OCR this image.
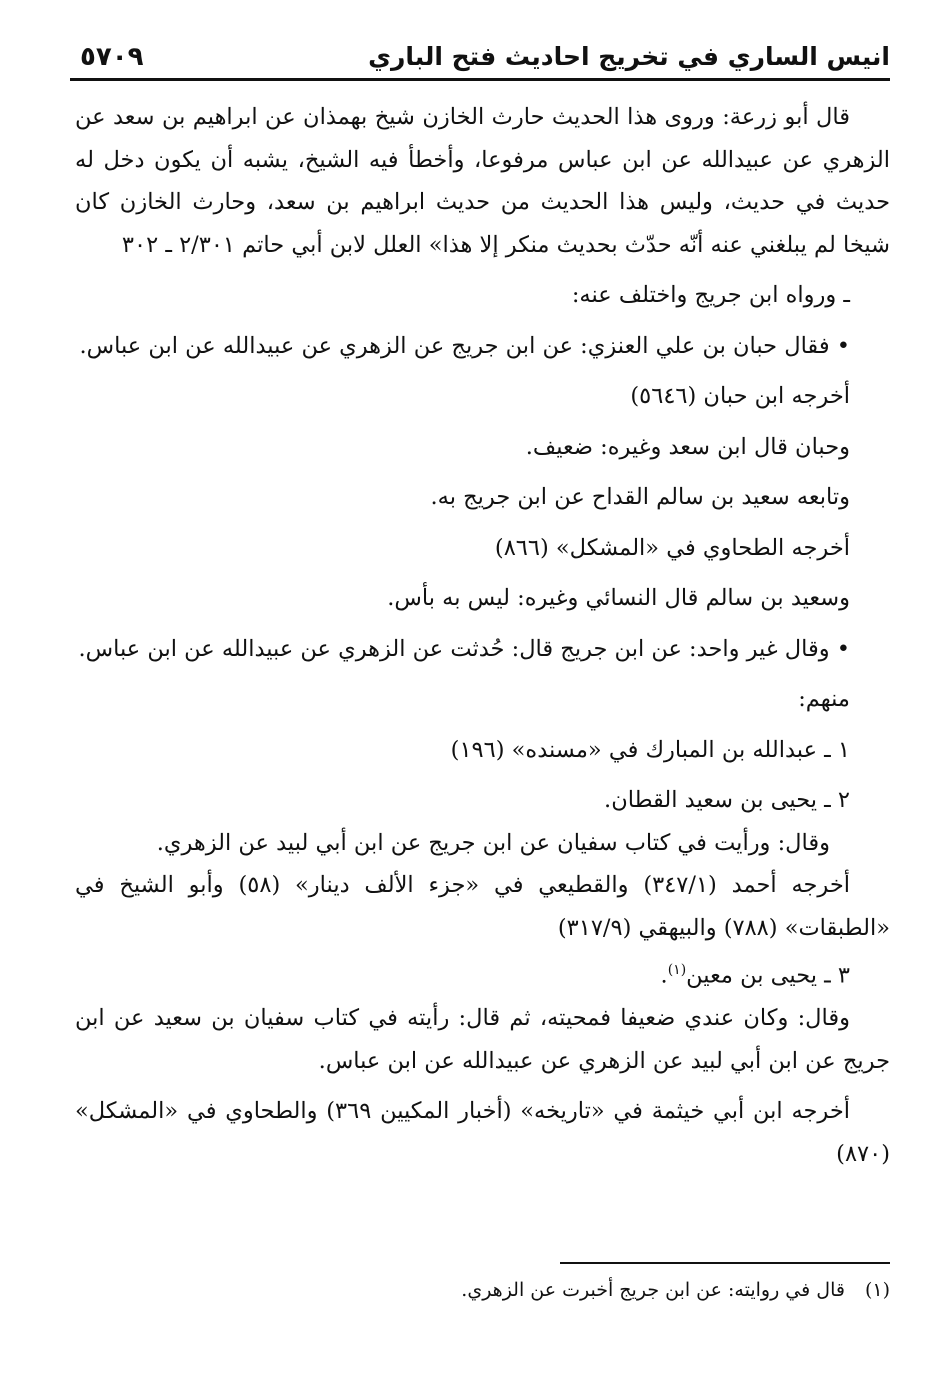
انيس الساري في تخريج احاديث فتح الباري
٥٧٠٩

قال أبو زرعة: وروى هذا الحديث حارث الخازن شيخ بهمذان عن ابراهيم بن سعد عن الزهري عن عبيدالله عن ابن عباس مرفوعا، وأخطأ فيه الشيخ، يشبه أن يكون دخل له حديث في حديث، وليس هذا الحديث من حديث ابراهيم بن سعد، وحارث الخازن كان شيخا لم يبلغني عنه أنّه حدّث بحديث منكر إلا هذا» العلل لابن أبي حاتم ٢/٣٠١ ـ ٣٠٢

ـ ورواه ابن جريج واختلف عنه:

• فقال حبان بن علي العنزي: عن ابن جريج عن الزهري عن عبيدالله عن ابن عباس.

أخرجه ابن حبان (٥٦٤٦)

وحبان قال ابن سعد وغيره: ضعيف.

وتابعه سعيد بن سالم القداح عن ابن جريج به.

أخرجه الطحاوي في «المشكل» (٨٦٦)

وسعيد بن سالم قال النسائي وغيره: ليس به بأس.

• وقال غير واحد: عن ابن جريج قال: حُدثت عن الزهري عن عبيدالله عن ابن عباس.

منهم:

١ ـ عبدالله بن المبارك في «مسنده» (١٩٦)

٢ ـ يحيى بن سعيد القطان.

وقال: ورأيت في كتاب سفيان عن ابن جريج عن ابن أبي لبيد عن الزهري.

أخرجه أحمد (٣٤٧/١) والقطيعي في «جزء الألف دينار» (٥٨) وأبو الشيخ في «الطبقات» (٧٨٨) والبيهقي (٣١٧/٩)

٣ ـ يحيى بن معين$^{(١)}$.

وقال: وكان عندي ضعيفا فمحيته، ثم قال: رأيته في كتاب سفيان بن سعيد عن ابن جريج عن ابن أبي لبيد عن الزهري عن عبيدالله عن ابن عباس.

أخرجه ابن أبي خيثمة في «تاريخه» (أخبار المكيين ٣٦٩) والطحاوي في «المشكل» (٨٧٠)

(١)قال في روايته: عن ابن جريج أخبرت عن الزهري.
